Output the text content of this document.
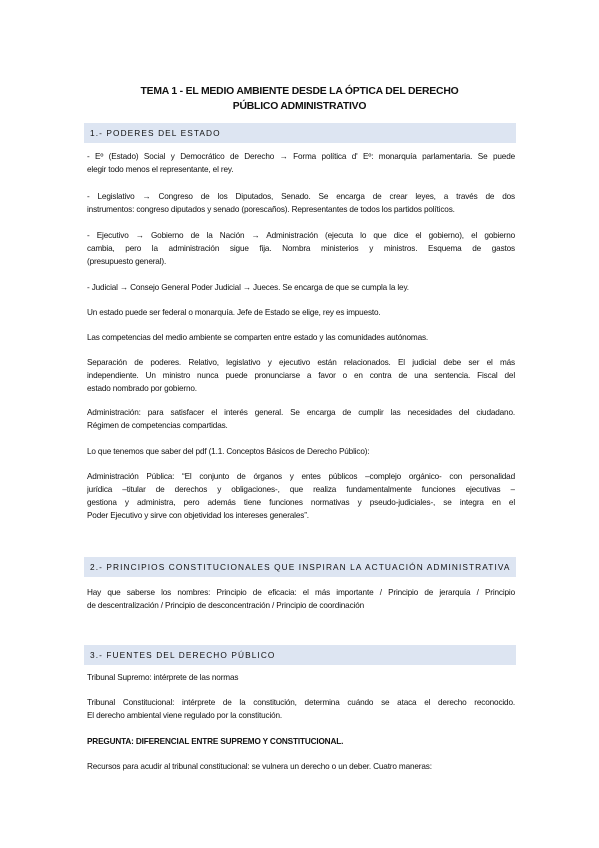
TEMA 1 - EL MEDIO AMBIENTE DESDE LA ÓPTICA DEL DERECHO
PÚBLICO ADMINISTRATIVO
1.- PODERES DEL ESTADO
- Eº (Estado) Social y Democrático de Derecho → Forma política d' Eº: monarquía parlamentaria. Se puede
elegir todo menos el representante, el rey.
- Legislativo → Congreso de los Diputados, Senado. Se encarga de crear leyes, a través de dos
instrumentos: congreso diputados y senado (porescaños). Representantes de todos los partidos políticos.
- Ejecutivo → Gobierno de la Nación → Administración (ejecuta lo que dice el gobierno), el gobierno
cambia, pero la administración sigue fija. Nombra ministerios y ministros. Esquema de gastos
(presupuesto general).
- Judicial → Consejo General Poder Judicial → Jueces. Se encarga de que se cumpla la ley.
Un estado puede ser federal o monarquía. Jefe de Estado se elige, rey es impuesto.
Las competencias del medio ambiente se comparten entre estado y las comunidades autónomas.
Separación de poderes. Relativo, legislativo y ejecutivo están relacionados. El judicial debe ser el más
independiente. Un ministro nunca puede pronunciarse a favor o en contra de una sentencia. Fiscal del
estado nombrado por gobierno.
Administración: para satisfacer el interés general. Se encarga de cumplir las necesidades del ciudadano.
Régimen de competencias compartidas.
Lo que tenemos que saber del pdf (1.1. Conceptos Básicos de Derecho Público):
Administración Pública: “El conjunto de órganos y entes públicos –complejo orgánico- con personalidad
jurídica –titular de derechos y obligaciones-, que realiza fundamentalmente funciones ejecutivas –
gestiona y administra, pero además tiene funciones normativas y pseudo-judiciales-, se integra en el
Poder Ejecutivo y sirve con objetividad los intereses generales”.
2.- PRINCIPIOS CONSTITUCIONALES QUE INSPIRAN LA ACTUACIÓN ADMINISTRATIVA
Hay que saberse los nombres: Principio de eficacia: el más importante / Principio de jerarquía / Principio
de descentralización / Principio de desconcentración / Principio de coordinación
3.- FUENTES DEL DERECHO PÚBLICO
Tribunal Supremo: intérprete de las normas
Tribunal Constitucional: intérprete de la constitución, determina cuándo se ataca el derecho reconocido.
El derecho ambiental viene regulado por la constitución.
PREGUNTA: DIFERENCIAL ENTRE SUPREMO Y CONSTITUCIONAL.
Recursos para acudir al tribunal constitucional: se vulnera un derecho o un deber. Cuatro maneras:
